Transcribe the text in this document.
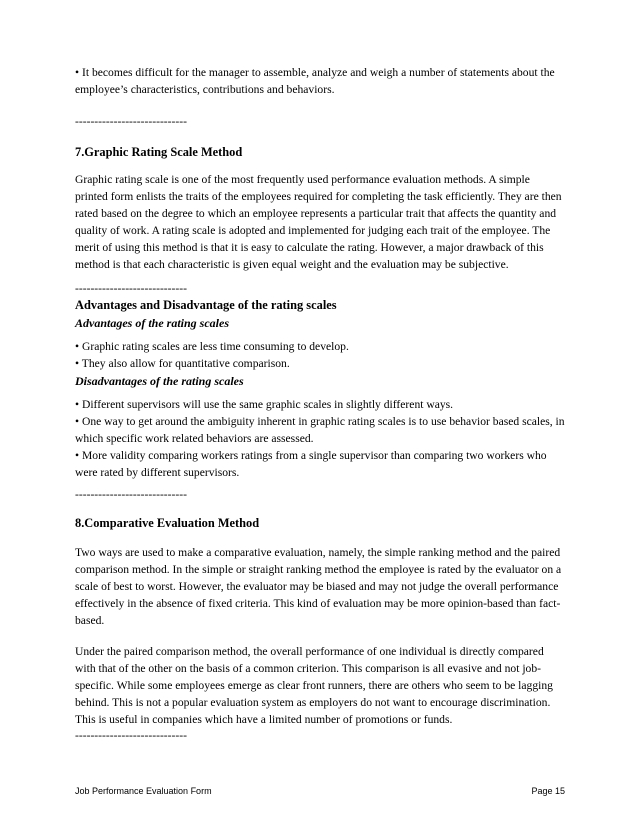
• It becomes difficult for the manager to assemble, analyze and weigh a number of statements about the employee’s characteristics, contributions and behaviors.

-----------------------------

7.Graphic Rating Scale Method

Graphic rating scale is one of the most frequently used performance evaluation methods. A simple printed form enlists the traits of the employees required for completing the task efficiently. They are then rated based on the degree to which an employee represents a particular trait that affects the quantity and quality of work. A rating scale is adopted and implemented for judging each trait of the employee. The merit of using this method is that it is easy to calculate the rating. However, a major drawback of this method is that each characteristic is given equal weight and the evaluation may be subjective.

-----------------------------

Advantages and Disadvantage of the rating scales
Advantages of the rating scales

• Graphic rating scales are less time consuming to develop.

• They also allow for quantitative comparison.

Disadvantages of the rating scales

• Different supervisors will use the same graphic scales in slightly different ways.

• One way to get around the ambiguity inherent in graphic rating scales is to use behavior based scales, in which specific work related behaviors are assessed.

• More validity comparing workers ratings from a single supervisor than comparing two workers who were rated by different supervisors.

-----------------------------

8.Comparative Evaluation Method

Two ways are used to make a comparative evaluation, namely, the simple ranking method and the paired comparison method. In the simple or straight ranking method the employee is rated by the evaluator on a scale of best to worst. However, the evaluator may be biased and may not judge the overall performance effectively in the absence of fixed criteria. This kind of evaluation may be more opinion-based than fact-based.

Under the paired comparison method, the overall performance of one individual is directly compared with that of the other on the basis of a common criterion. This comparison is all evasive and not job-specific. While some employees emerge as clear front runners, there are others who seem to be lagging behind. This is not a popular evaluation system as employers do not want to encourage discrimination. This is useful in companies which have a limited number of promotions or funds.

-----------------------------

Job Performance Evaluation Form	Page 15
